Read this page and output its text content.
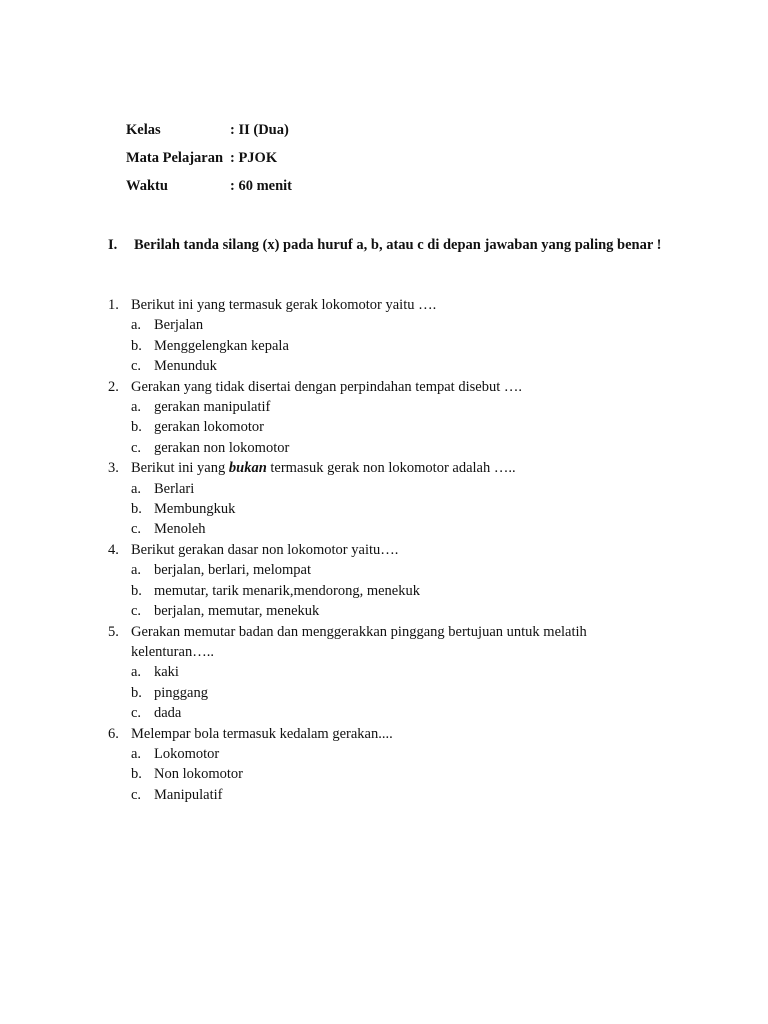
Kelas	: II (Dua)
Mata Pelajaran : PJOK
Waktu	: 60 menit
I. Berilah tanda silang (x) pada huruf a, b, atau c di depan jawaban yang paling benar !
1. Berikut ini yang termasuk gerak lokomotor yaitu ….
a. Berjalan
b. Menggelengkan kepala
c. Menunduk
2. Gerakan yang tidak disertai dengan perpindahan tempat disebut ….
a. gerakan manipulatif
b. gerakan lokomotor
c. gerakan non lokomotor
3. Berikut ini yang bukan termasuk gerak non lokomotor adalah …..
a. Berlari
b. Membungkuk
c. Menoleh
4. Berikut gerakan dasar non lokomotor yaitu….
a. berjalan, berlari, melompat
b. memutar, tarik menarik,mendorong, menekuk
c. berjalan, memutar, menekuk
5. Gerakan memutar badan dan menggerakkan pinggang bertujuan untuk melatih kelenturan…..
a. kaki
b. pinggang
c. dada
6. Melempar bola termasuk kedalam gerakan....
a. Lokomotor
b. Non lokomotor
c. Manipulatif
